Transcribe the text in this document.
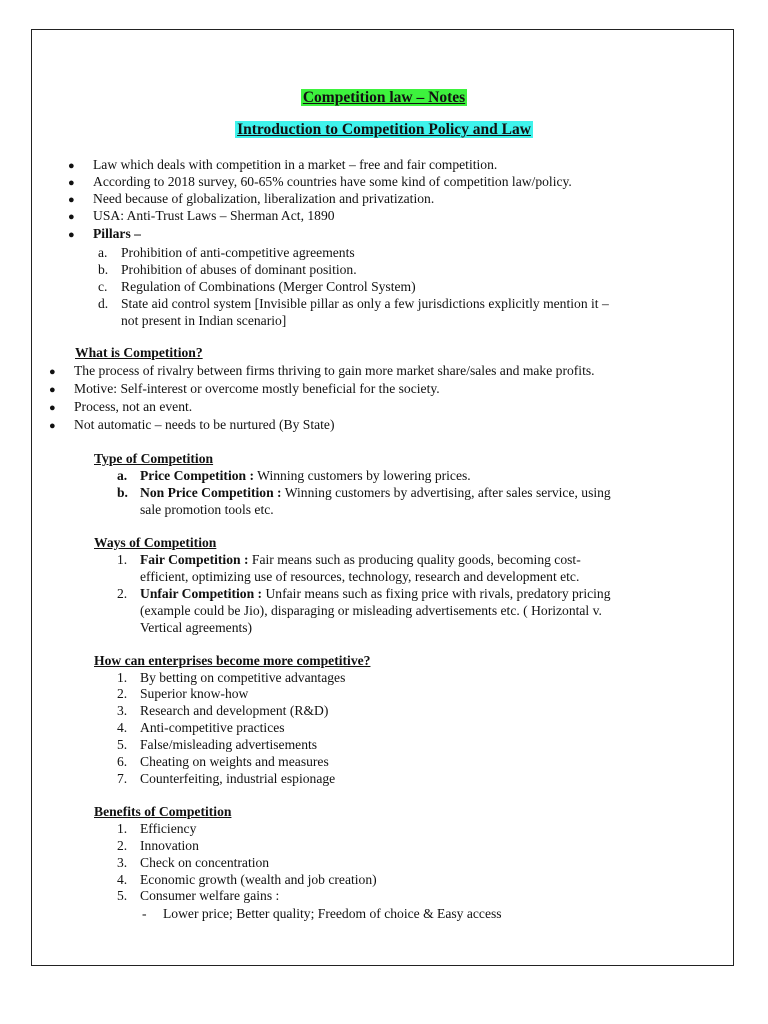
Competition law – Notes
Introduction to Competition Policy and Law
● Law which deals with competition in a market – free and fair competition.
● According to 2018 survey, 60-65% countries have some kind of competition law/policy.
● Need because of globalization, liberalization and privatization.
● USA: Anti-Trust Laws – Sherman Act, 1890
● Pillars –
a. Prohibition of anti-competitive agreements
b. Prohibition of abuses of dominant position.
c. Regulation of Combinations (Merger Control System)
d. State aid control system [Invisible pillar as only a few jurisdictions explicitly mention it –
not present in Indian scenario]
What is Competition?
● The process of rivalry between firms thriving to gain more market share/sales and make profits.
● Motive: Self-interest or overcome mostly beneficial for the society.
● Process, not an event.
● Not automatic – needs to be nurtured (By State)
Type of Competition
a. Price Competition : Winning customers by lowering prices.
b. Non Price Competition : Winning customers by advertising, after sales service, using
sale promotion tools etc.
Ways of Competition
1. Fair Competition : Fair means such as producing quality goods, becoming cost-
efficient, optimizing use of resources, technology, research and development etc.
2. Unfair Competition : Unfair means such as fixing price with rivals, predatory pricing
(example could be Jio), disparaging or misleading advertisements etc. ( Horizontal v.
Vertical agreements)
How can enterprises become more competitive?
1. By betting on competitive advantages
2. Superior know-how
3. Research and development (R&D)
4. Anti-competitive practices
5. False/misleading advertisements
6. Cheating on weights and measures
7. Counterfeiting, industrial espionage
Benefits of Competition
1. Efficiency
2. Innovation
3. Check on concentration
4. Economic growth (wealth and job creation)
5. Consumer welfare gains :
- Lower price; Better quality; Freedom of choice & Easy access
